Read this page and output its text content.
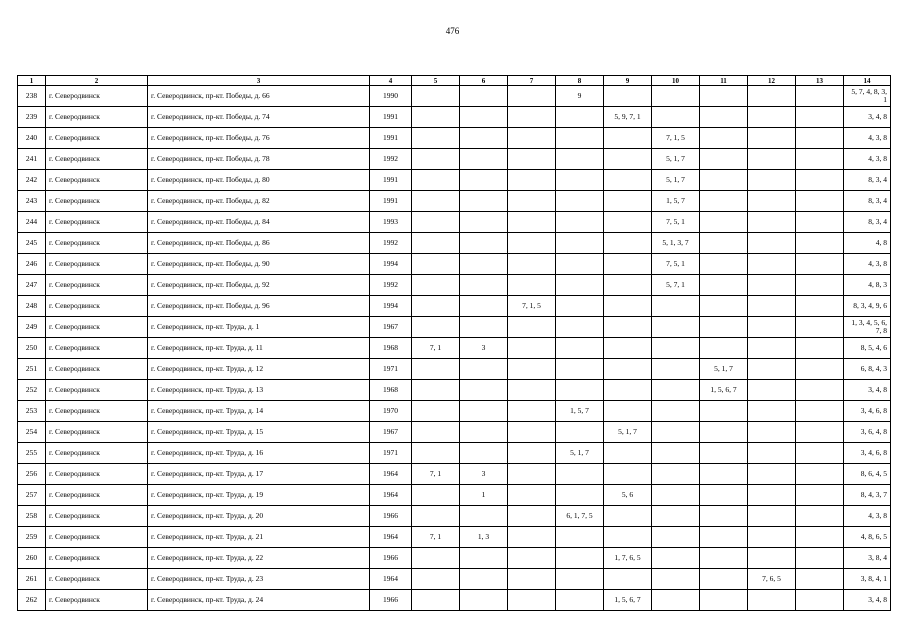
476
1	2	3	4	5	6	7	8	9	10	11	12	13	14
238	г. Северодвинск	г. Северодвинск, пр-кт. Победы, д. 66	1990				9						5, 7, 4, 8, 3, 1
239	г. Северодвинск	г. Северодвинск, пр-кт. Победы, д. 74	1991					5, 9, 7, 1					3, 4, 8
240	г. Северодвинск	г. Северодвинск, пр-кт. Победы, д. 76	1991						7, 1, 5				4, 3, 8
241	г. Северодвинск	г. Северодвинск, пр-кт. Победы, д. 78	1992						5, 1, 7				4, 3, 8
242	г. Северодвинск	г. Северодвинск, пр-кт. Победы, д. 80	1991						5, 1, 7				8, 3, 4
243	г. Северодвинск	г. Северодвинск, пр-кт. Победы, д. 82	1991						1, 5, 7				8, 3, 4
244	г. Северодвинск	г. Северодвинск, пр-кт. Победы, д. 84	1993						7, 5, 1				8, 3, 4
245	г. Северодвинск	г. Северодвинск, пр-кт. Победы, д. 86	1992						5, 1, 3, 7				4, 8
246	г. Северодвинск	г. Северодвинск, пр-кт. Победы, д. 90	1994						7, 5, 1				4, 3, 8
247	г. Северодвинск	г. Северодвинск, пр-кт. Победы, д. 92	1992						5, 7, 1				4, 8, 3
248	г. Северодвинск	г. Северодвинск, пр-кт. Победы, д. 96	1994			7, 1, 5							8, 3, 4, 9, 6
249	г. Северодвинск	г. Северодвинск, пр-кт. Труда, д. 1	1967										1, 3, 4, 5, 6, 7, 8
250	г. Северодвинск	г. Северодвинск, пр-кт. Труда, д. 11	1968	7, 1	3								8, 5, 4, 6
251	г. Северодвинск	г. Северодвинск, пр-кт. Труда, д. 12	1971							5, 1, 7			6, 8, 4, 3
252	г. Северодвинск	г. Северодвинск, пр-кт. Труда, д. 13	1968							1, 5, 6, 7			3, 4, 8
253	г. Северодвинск	г. Северодвинск, пр-кт. Труда, д. 14	1970				1, 5, 7						3, 4, 6, 8
254	г. Северодвинск	г. Северодвинск, пр-кт. Труда, д. 15	1967					5, 1, 7					3, 6, 4, 8
255	г. Северодвинск	г. Северодвинск, пр-кт. Труда, д. 16	1971				5, 1, 7						3, 4, 6, 8
256	г. Северодвинск	г. Северодвинск, пр-кт. Труда, д. 17	1964	7, 1	3								8, 6, 4, 5
257	г. Северодвинск	г. Северодвинск, пр-кт. Труда, д. 19	1964		1			5, 6					8, 4, 3, 7
258	г. Северодвинск	г. Северодвинск, пр-кт. Труда, д. 20	1966				6, 1, 7, 5						4, 3, 8
259	г. Северодвинск	г. Северодвинск, пр-кт. Труда, д. 21	1964	7, 1	1, 3								4, 8, 6, 5
260	г. Северодвинск	г. Северодвинск, пр-кт. Труда, д. 22	1966					1, 7, 6, 5					3, 8, 4
261	г. Северодвинск	г. Северодвинск, пр-кт. Труда, д. 23	1964								7, 6, 5		3, 8, 4, 1
262	г. Северодвинск	г. Северодвинск, пр-кт. Труда, д. 24	1966					1, 5, 6, 7					3, 4, 8
